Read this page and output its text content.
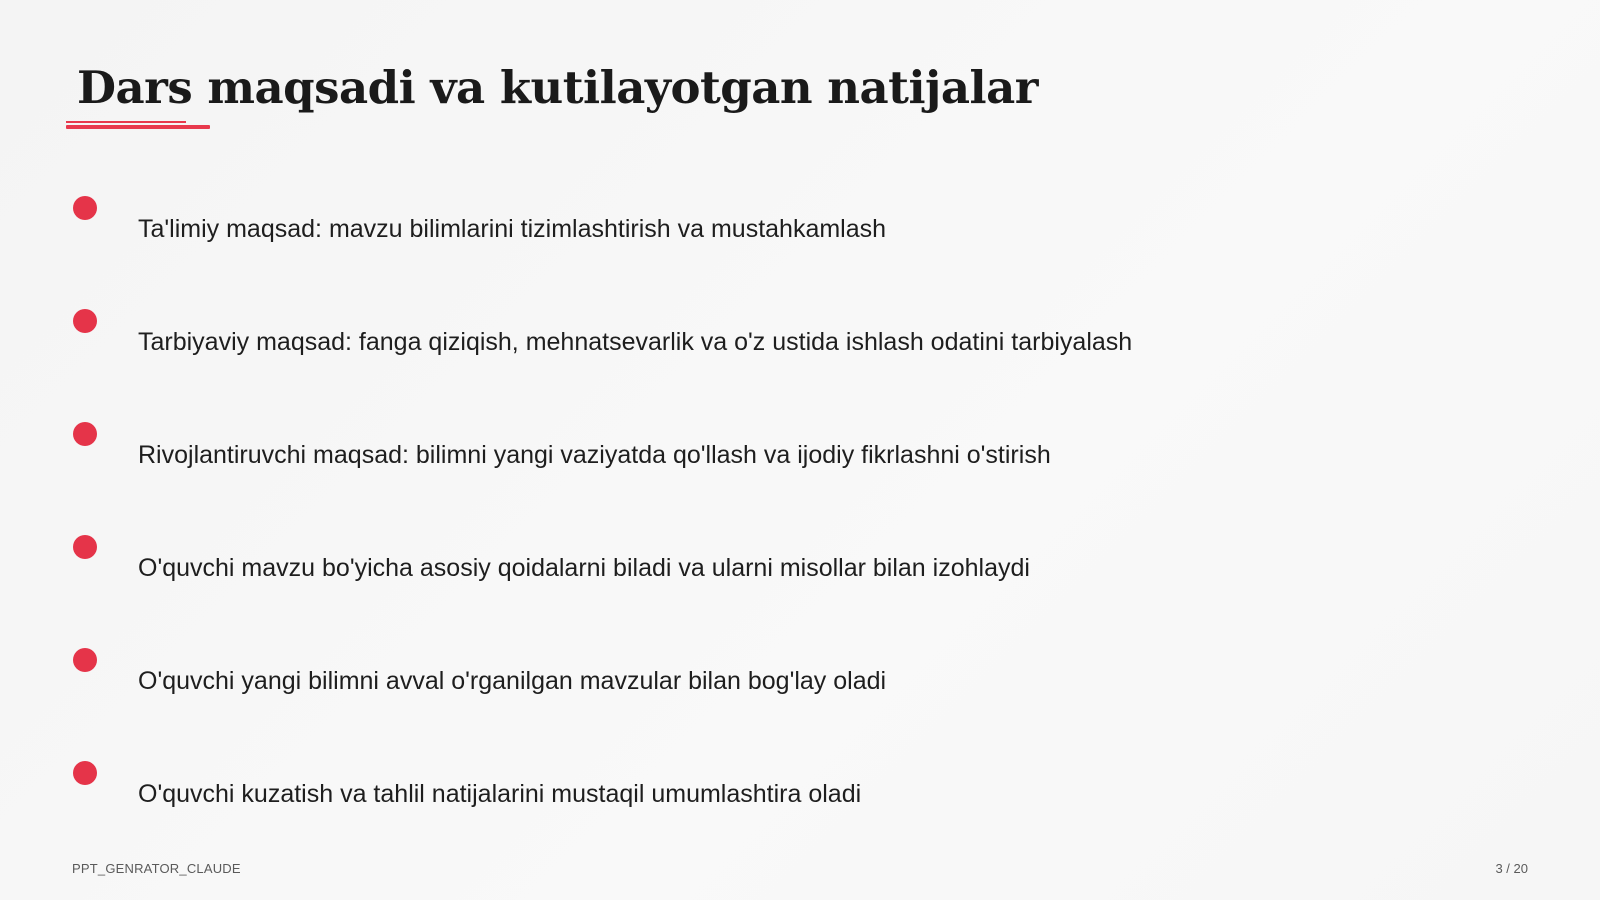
Dars maqsadi va kutilayotgan natijalar
Ta'limiy maqsad: mavzu bilimlarini tizimlashtirish va mustahkamlash
Tarbiyaviy maqsad: fanga qiziqish, mehnatsevarlik va o'z ustida ishlash odatini tarbiyalash
Rivojlantiruvchi maqsad: bilimni yangi vaziyatda qo'llash va ijodiy fikrlashni o'stirish
O'quvchi mavzu bo'yicha asosiy qoidalarni biladi va ularni misollar bilan izohlaydi
O'quvchi yangi bilimni avval o'rganilgan mavzular bilan bog'lay oladi
O'quvchi kuzatish va tahlil natijalarini mustaqil umumlashtira oladi
PPT_GENRATOR_CLAUDE	3 / 20
